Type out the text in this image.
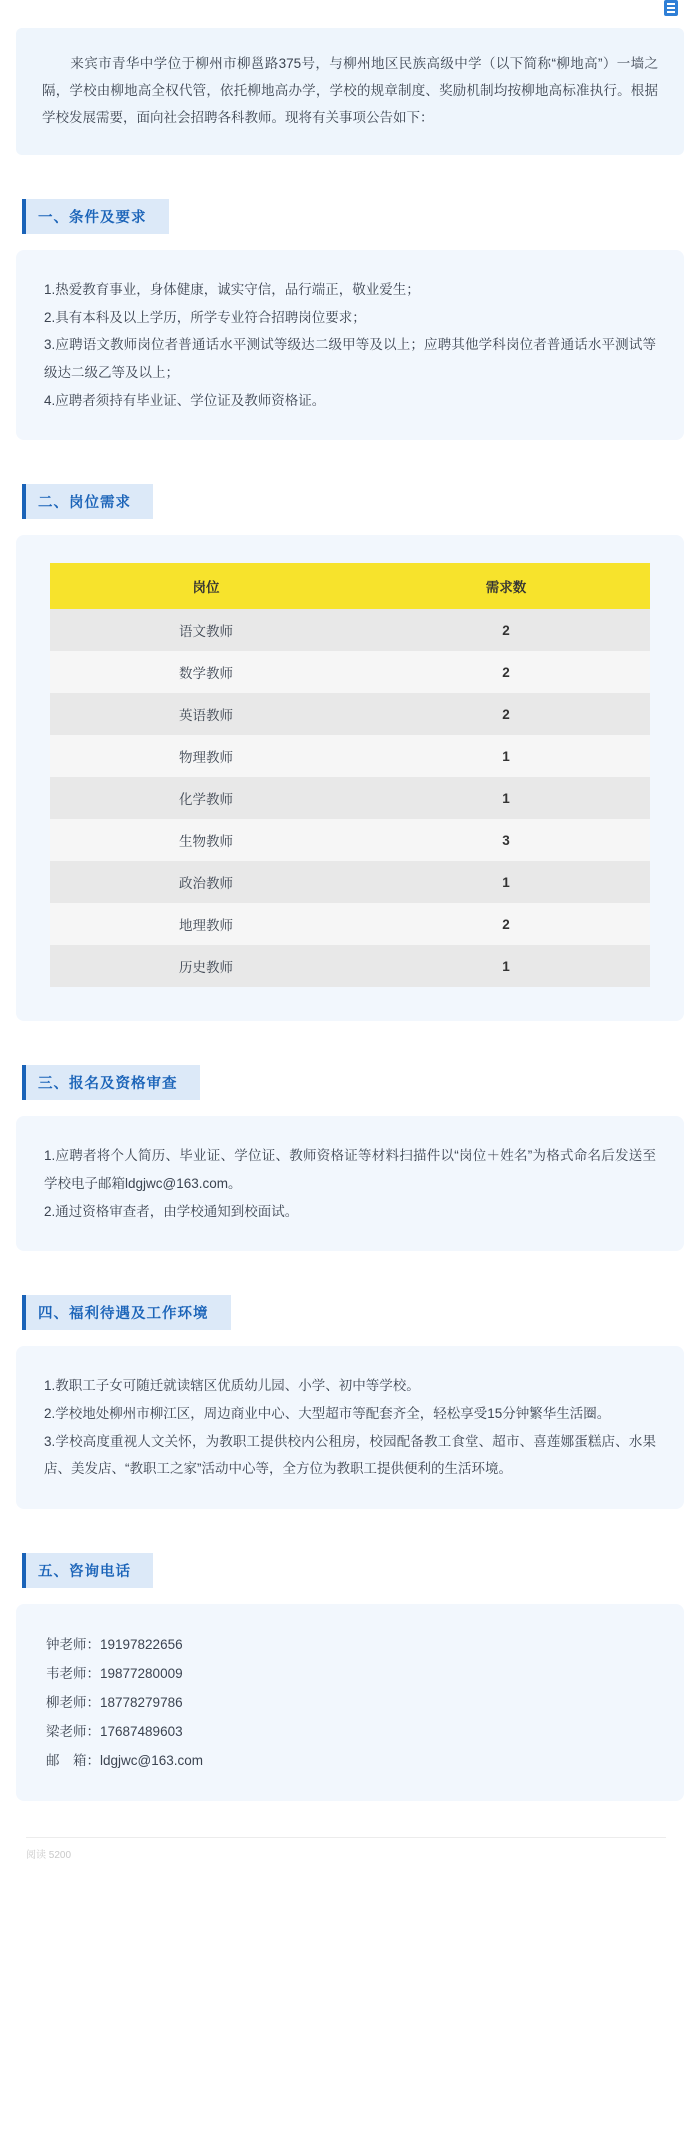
来宾市青华中学位于柳州市柳邕路375号，与柳州地区民族高级中学（以下简称“柳地高”）一墙之隔，学校由柳地高全权代管，依托柳地高办学，学校的规章制度、奖励机制均按柳地高标准执行。根据学校发展需要，面向社会招聘各科教师。现将有关事项公告如下：
一、条件及要求

1.热爱教育事业，身体健康，诚实守信，品行端正，敬业爱生；

2.具有本科及以上学历，所学专业符合招聘岗位要求；

3.应聘语文教师岗位者普通话水平测试等级达二级甲等及以上；应聘其他学科岗位者普通话水平测试等级达二级乙等及以上；

4.应聘者须持有毕业证、学位证及教师资格证。

二、岗位需求
岗位	需求数
语文教师	2
数学教师	2
英语教师	2
物理教师	1
化学教师	1
生物教师	3
政治教师	1
地理教师	2
历史教师	1
三、报名及资格审查

1.应聘者将个人简历、毕业证、学位证、教师资格证等材料扫描件以“岗位＋姓名”为格式命名后发送至学校电子邮箱ldgjwc@163.com。

2.通过资格审查者，由学校通知到校面试。

四、福利待遇及工作环境

1.教职工子女可随迁就读辖区优质幼儿园、小学、初中等学校。

2.学校地处柳州市柳江区，周边商业中心、大型超市等配套齐全，轻松享受15分钟繁华生活圈。

3.学校高度重视人文关怀，为教职工提供校内公租房，校园配备教工食堂、超市、喜莲娜蛋糕店、水果店、美发店、“教职工之家”活动中心等，全方位为教职工提供便利的生活环境。

五、咨询电话
钟老师：19197822656
韦老师：19877280009
柳老师：18778279786
梁老师：17687489603
邮　箱：ldgjwc@163.com
阅读 5200
